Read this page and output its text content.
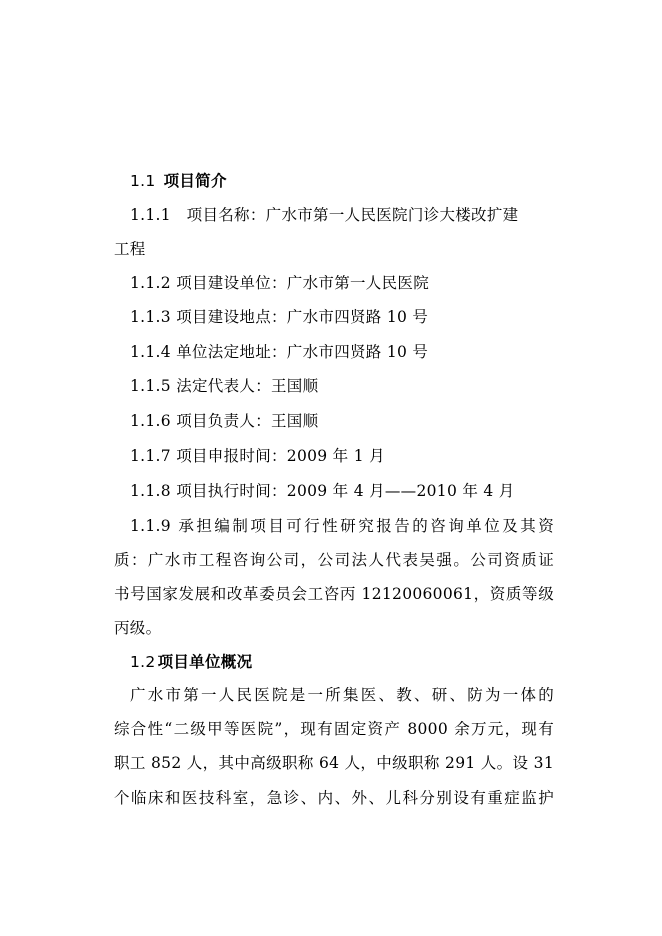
1.1 项目简介
1.1.1 项目名称：广水市第一人民医院门诊大楼改扩建
工程
1.1.2 项目建设单位：广水市第一人民医院
1.1.3 项目建设地点：广水市四贤路 10 号
1.1.4 单位法定地址：广水市四贤路 10 号
1.1.5 法定代表人：王国顺
1.1.6 项目负责人：王国顺
1.1.7 项目申报时间：2009 年 1 月
1.1.8 项目执行时间：2009 年 4 月——2010 年 4 月
1.1.9 承担编制项目可行性研究报告的咨询单位及其资
质：广水市工程咨询公司，公司法人代表吴强。公司资质证
书号国家发展和改革委员会工咨丙 12120060061，资质等级
丙级。
1.2 项目单位概况
广水市第一人民医院是一所集医、教、研、防为一体的
综合性“二级甲等医院”，现有固定资产 8000 余万元，现有
职工 852 人，其中高级职称 64 人，中级职称 291 人。设 31
个临床和医技科室，急诊、内、外、儿科分别设有重症监护
